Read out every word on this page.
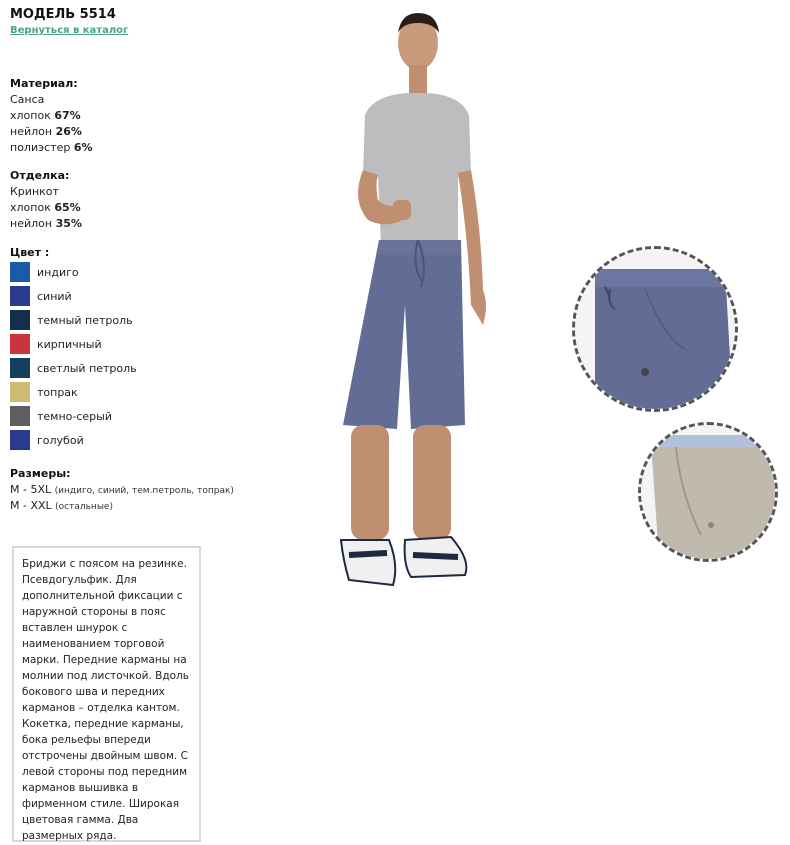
МОДЕЛЬ 5514
Вернуться в каталог
Материал:
Санса
хлопок 67%
нейлон 26%
полиэстер 6%
Отделка:
Кринкот
хлопок 65%
нейлон 35%
Цвет :
индиго
синий
темный петроль
кирпичный
светлый петроль
топрак
темно-серый
голубой
Размеры:
M - 5XL (индиго, синий, тем.петроль, топрак)
M - XXL (остальные)
Бриджи с поясом на резинке. Псевдогульфик. Для дополнительной фиксации с наружной стороны в пояс вставлен шнурок с наименованием торговой марки. Передние карманы на молнии под листочкой. Вдоль бокового шва и передних карманов – отделка кантом. Кокетка, передние карманы, бока рельефы впереди отстрочены двойным швом. С левой стороны под передним карманов вышивка в фирменном стиле. Широкая цветовая гамма. Два размерных ряда.
